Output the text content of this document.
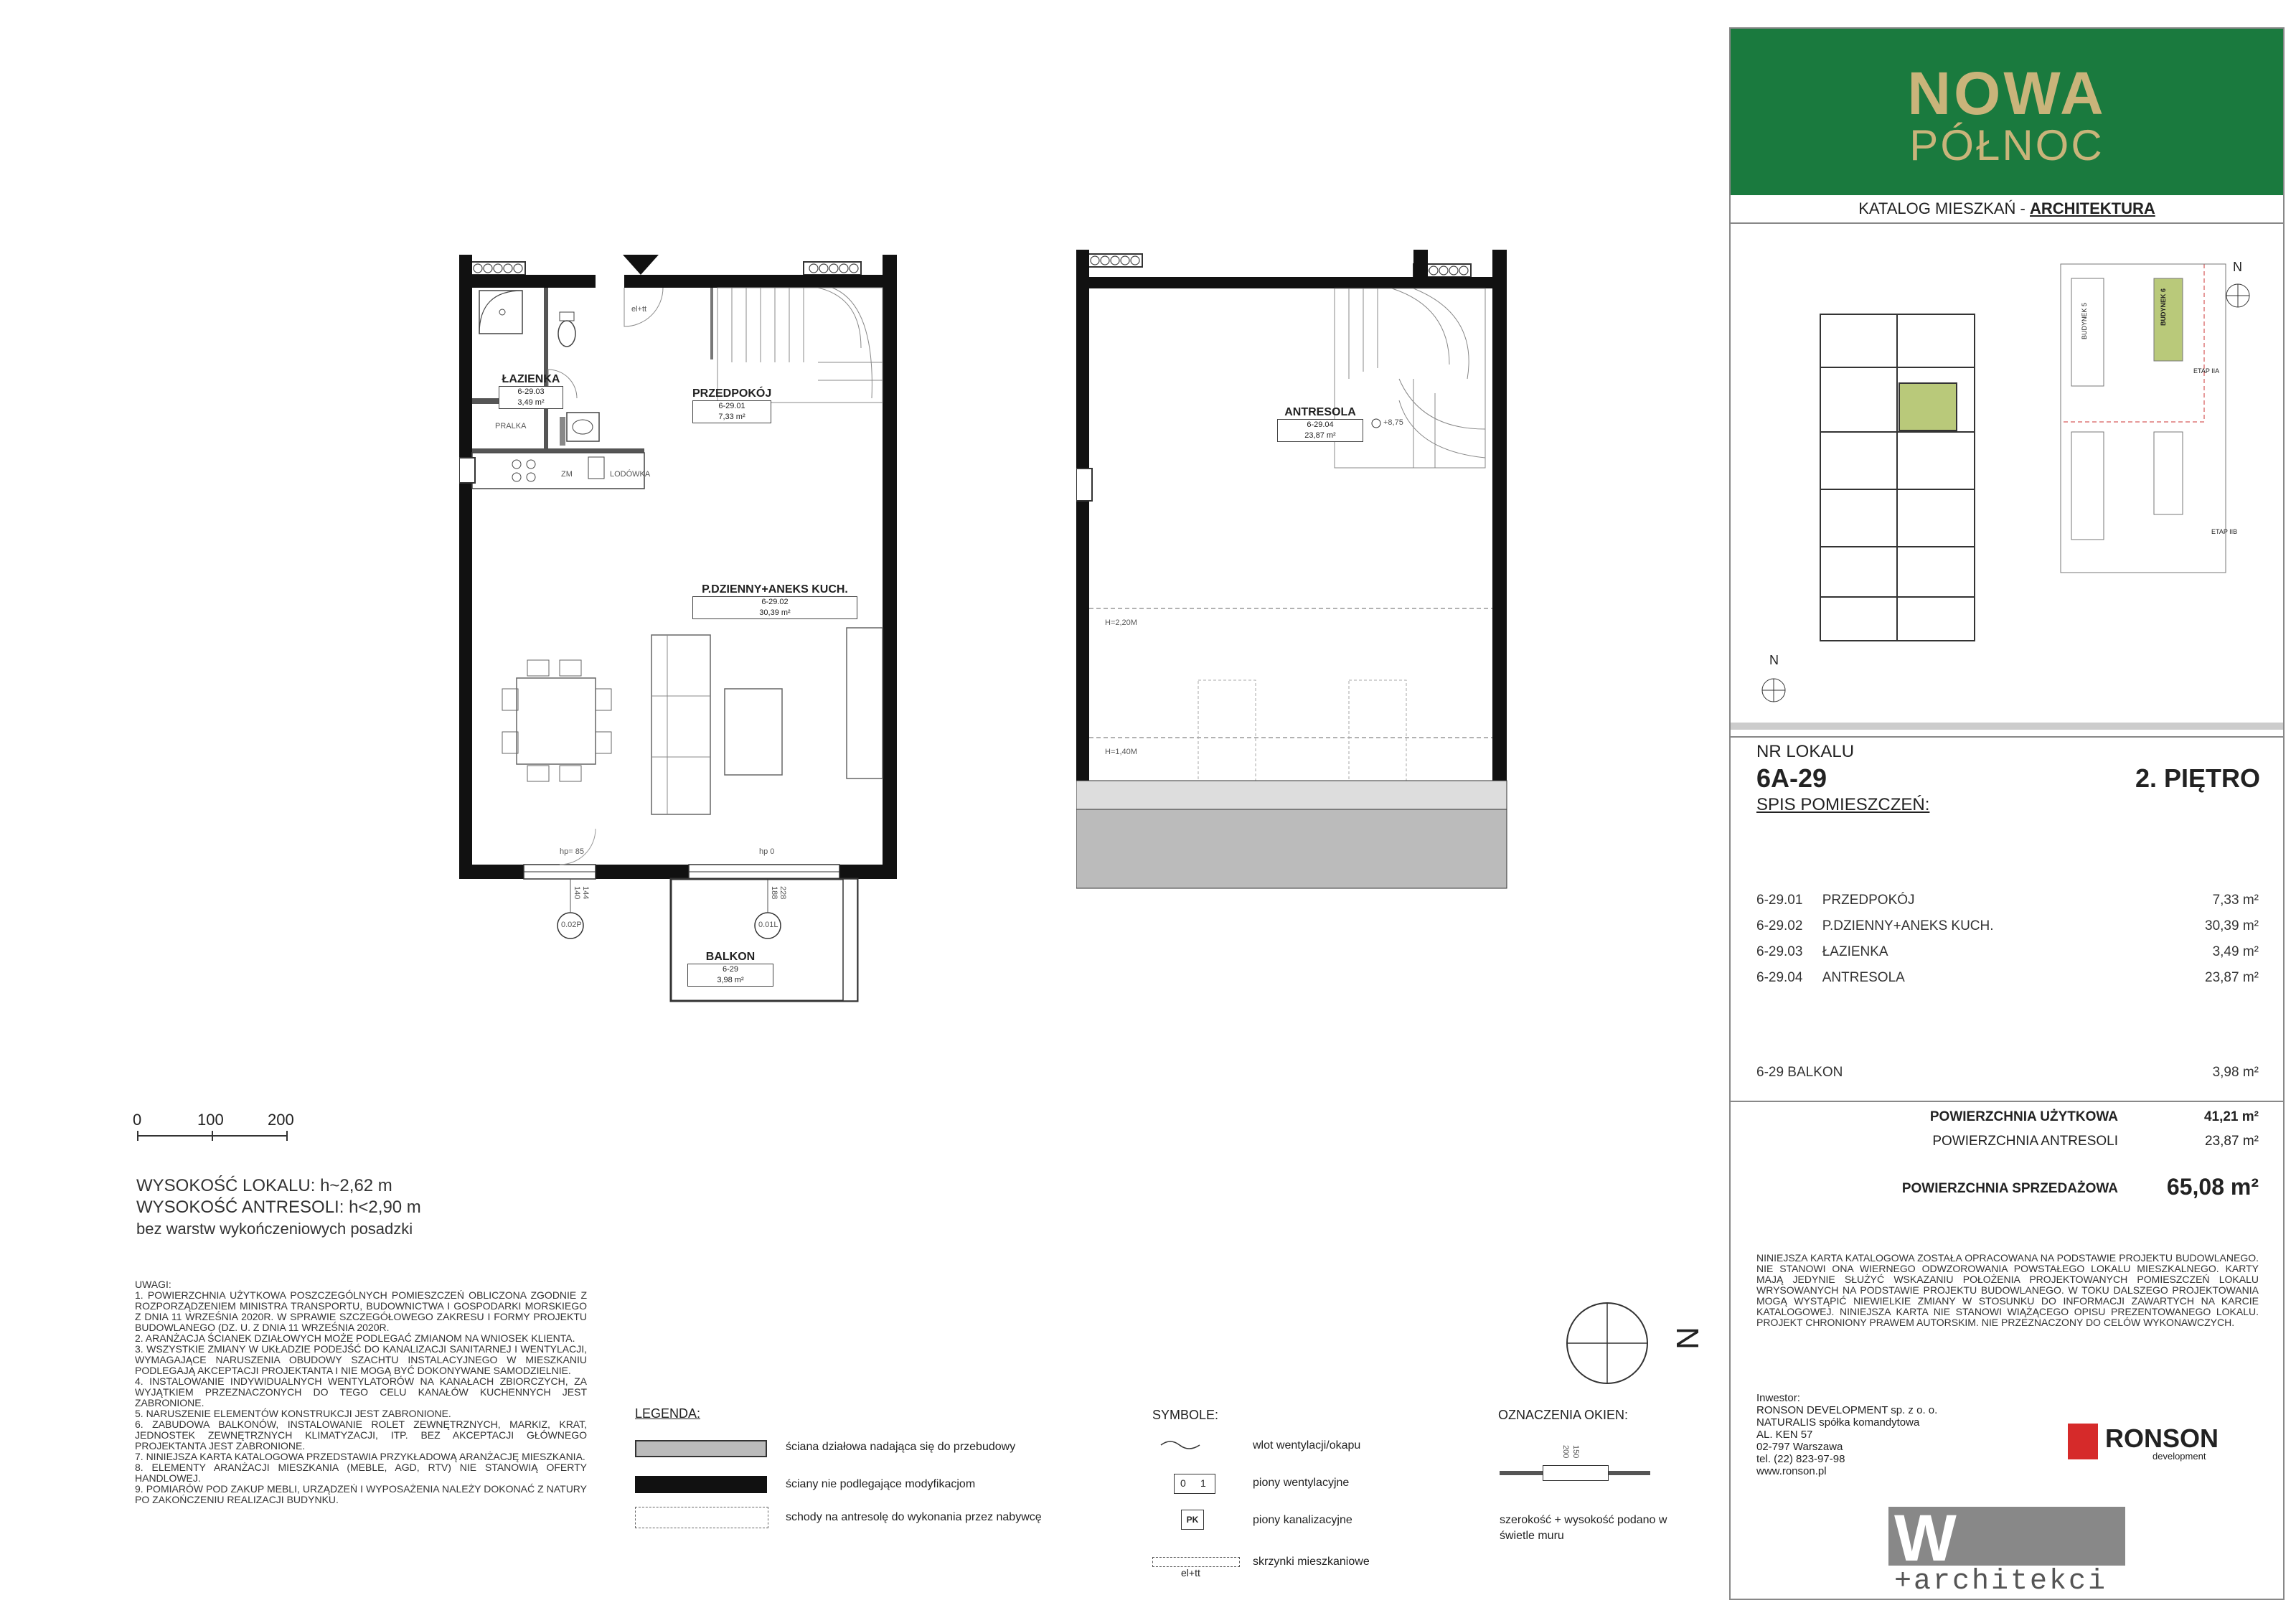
ŁAZIENKA
6-29.03
3,49 m²
PRZEDPOKÓJ
6-29.01
7,33 m²
P.DZIENNY+ANEKS KUCH.
6-29.02
30,39 m²
BALKON
6-29
3,98 m²
PRALKA
ZM	LODÓWKA
el+tt
hp= 85	hp 0
0.02P	0.01L
140 144	188 228
ANTRESOLA
6-29.04
23,87 m²
+8,75
H=2,20M
H=1,40M
0	100	200
WYSOKOŚĆ LOKALU: h~2,62 m
WYSOKOŚĆ ANTRESOLI: h<2,90 m
bez warstw wykończeniowych posadzki
UWAGI:
1. POWIERZCHNIA UŻYTKOWA POSZCZEGÓLNYCH POMIESZCZEŃ OBLICZONA ZGODNIE Z ROZPORZĄDZENIEM MINISTRA TRANSPORTU, BUDOWNICTWA I GOSPODARKI MORSKIEGO Z DNIA 11 WRZEŚNIA 2020R. W SPRAWIE SZCZEGÓŁOWEGO ZAKRESU I FORMY PROJEKTU BUDOWLANEGO (DZ. U. Z DNIA 11 WRZEŚNIA 2020R.
2. ARANŻACJA ŚCIANEK DZIAŁOWYCH MOŻE PODLEGAĆ ZMIANOM NA WNIOSEK KLIENTA.
3. WSZYSTKIE ZMIANY W UKŁADZIE PODEJŚĆ DO KANALIZACJI SANITARNEJ I WENTYLACJI, WYMAGAJĄCE NARUSZENIA OBUDOWY SZACHTU INSTALACYJNEGO W MIESZKANIU PODLEGAJĄ AKCEPTACJI PROJEKTANTA I NIE MOGĄ BYĆ DOKONYWANE SAMODZIELNIE.
4. INSTALOWANIE INDYWIDUALNYCH WENTYLATORÓW NA KANAŁACH ZBIORCZYCH, ZA WYJĄTKIEM PRZEZNACZONYCH DO TEGO CELU KANAŁÓW KUCHENNYCH JEST ZABRONIONE.
5. NARUSZENIE ELEMENTÓW KONSTRUKCJI JEST ZABRONIONE.
6. ZABUDOWA BALKONÓW, INSTALOWANIE ROLET ZEWNĘTRZNYCH, MARKIZ, KRAT, JEDNOSTEK ZEWNĘTRZNYCH KLIMATYZACJI, ITP. BEZ AKCEPTACJI GŁÓWNEGO PROJEKTANTA JEST ZABRONIONE.
7. NINIEJSZA KARTA KATALOGOWA PRZEDSTAWIA PRZYKŁADOWĄ ARANŻACJĘ MIESZKANIA.
8. ELEMENTY ARANŻACJI MIESZKANIA (MEBLE, AGD, RTV) NIE STANOWIĄ OFERTY HANDLOWEJ.
9. POMIARÓW POD ZAKUP MEBLI, URZĄDZEŃ I WYPOSAŻENIA NALEŻY DOKONAĆ Z NATURY PO ZAKOŃCZENIU REALIZACJI BUDYNKU.
LEGENDA:
ściana działowa nadająca się do przebudowy
ściany nie podlegające modyfikacjom
schody na antresolę do wykonania przez nabywcę
SYMBOLE:
wlot wentylacji/okapu
0 1	piony wentylacyjne
PK	piony kanalizacyjne
el+tt
skrzynki mieszkaniowe
OZNACZENIA OKIEN:
200 150
szerokość + wysokość podano w świetle muru
N
NOWA
PÓŁNOC
KATALOG MIESZKAŃ - ARCHITEKTURA
N
N
BUDYNEK 6
ETAP IIA
BUDYNEK 5
ETAP IIB
NR LOKALU
6A-29	2. PIĘTRO
SPIS POMIESZCZEŃ:
6-29.01 PRZEDPOKÓJ	7,33 m²
6-29.02 P.DZIENNY+ANEKS KUCH.	30,39 m²
6-29.03 ŁAZIENKA	3,49 m²
6-29.04 ANTRESOLA	23,87 m²
6-29 BALKON	3,98 m²
POWIERZCHNIA UŻYTKOWA	41,21 m²
POWIERZCHNIA ANTRESOLI	23,87 m²
POWIERZCHNIA SPRZEDAŻOWA 65,08 m²
NINIEJSZA KARTA KATALOGOWA ZOSTAŁA OPRACOWANA NA PODSTAWIE PROJEKTU BUDOWLANEGO. NIE STANOWI ONA WIERNEGO ODWZOROWANIA POWSTAŁEGO LOKALU MIESZKALNEGO. KARTY MAJĄ JEDYNIE SŁUŻYĆ WSKAZANIU POŁOŻENIA PROJEKTOWANYCH POMIESZCZEŃ LOKALU WRYSOWANYCH NA PODSTAWIE PROJEKTU BUDOWLANEGO. W TOKU DALSZEGO PROJEKTOWANIA MOGĄ WYSTĄPIĆ NIEWIELKIE ZMIANY W STOSUNKU DO INFORMACJI ZAWARTYCH NA KARCIE KATALOGOWEJ. NINIEJSZA KARTA NIE STANOWI WIĄŻĄCEGO OPISU PREZENTOWANEGO LOKALU. PROJEKT CHRONIONY PRAWEM AUTORSKIM. NIE PRZEZNACZONY DO CELÓW WYKONAWCZYCH.
Inwestor:
RONSON DEVELOPMENT sp. z o. o.
NATURALIS spółka komandytowa
AL. KEN 57
02-797 Warszawa
tel. (22) 823-97-98
www.ronson.pl
RONSON
development
W
+architekci
